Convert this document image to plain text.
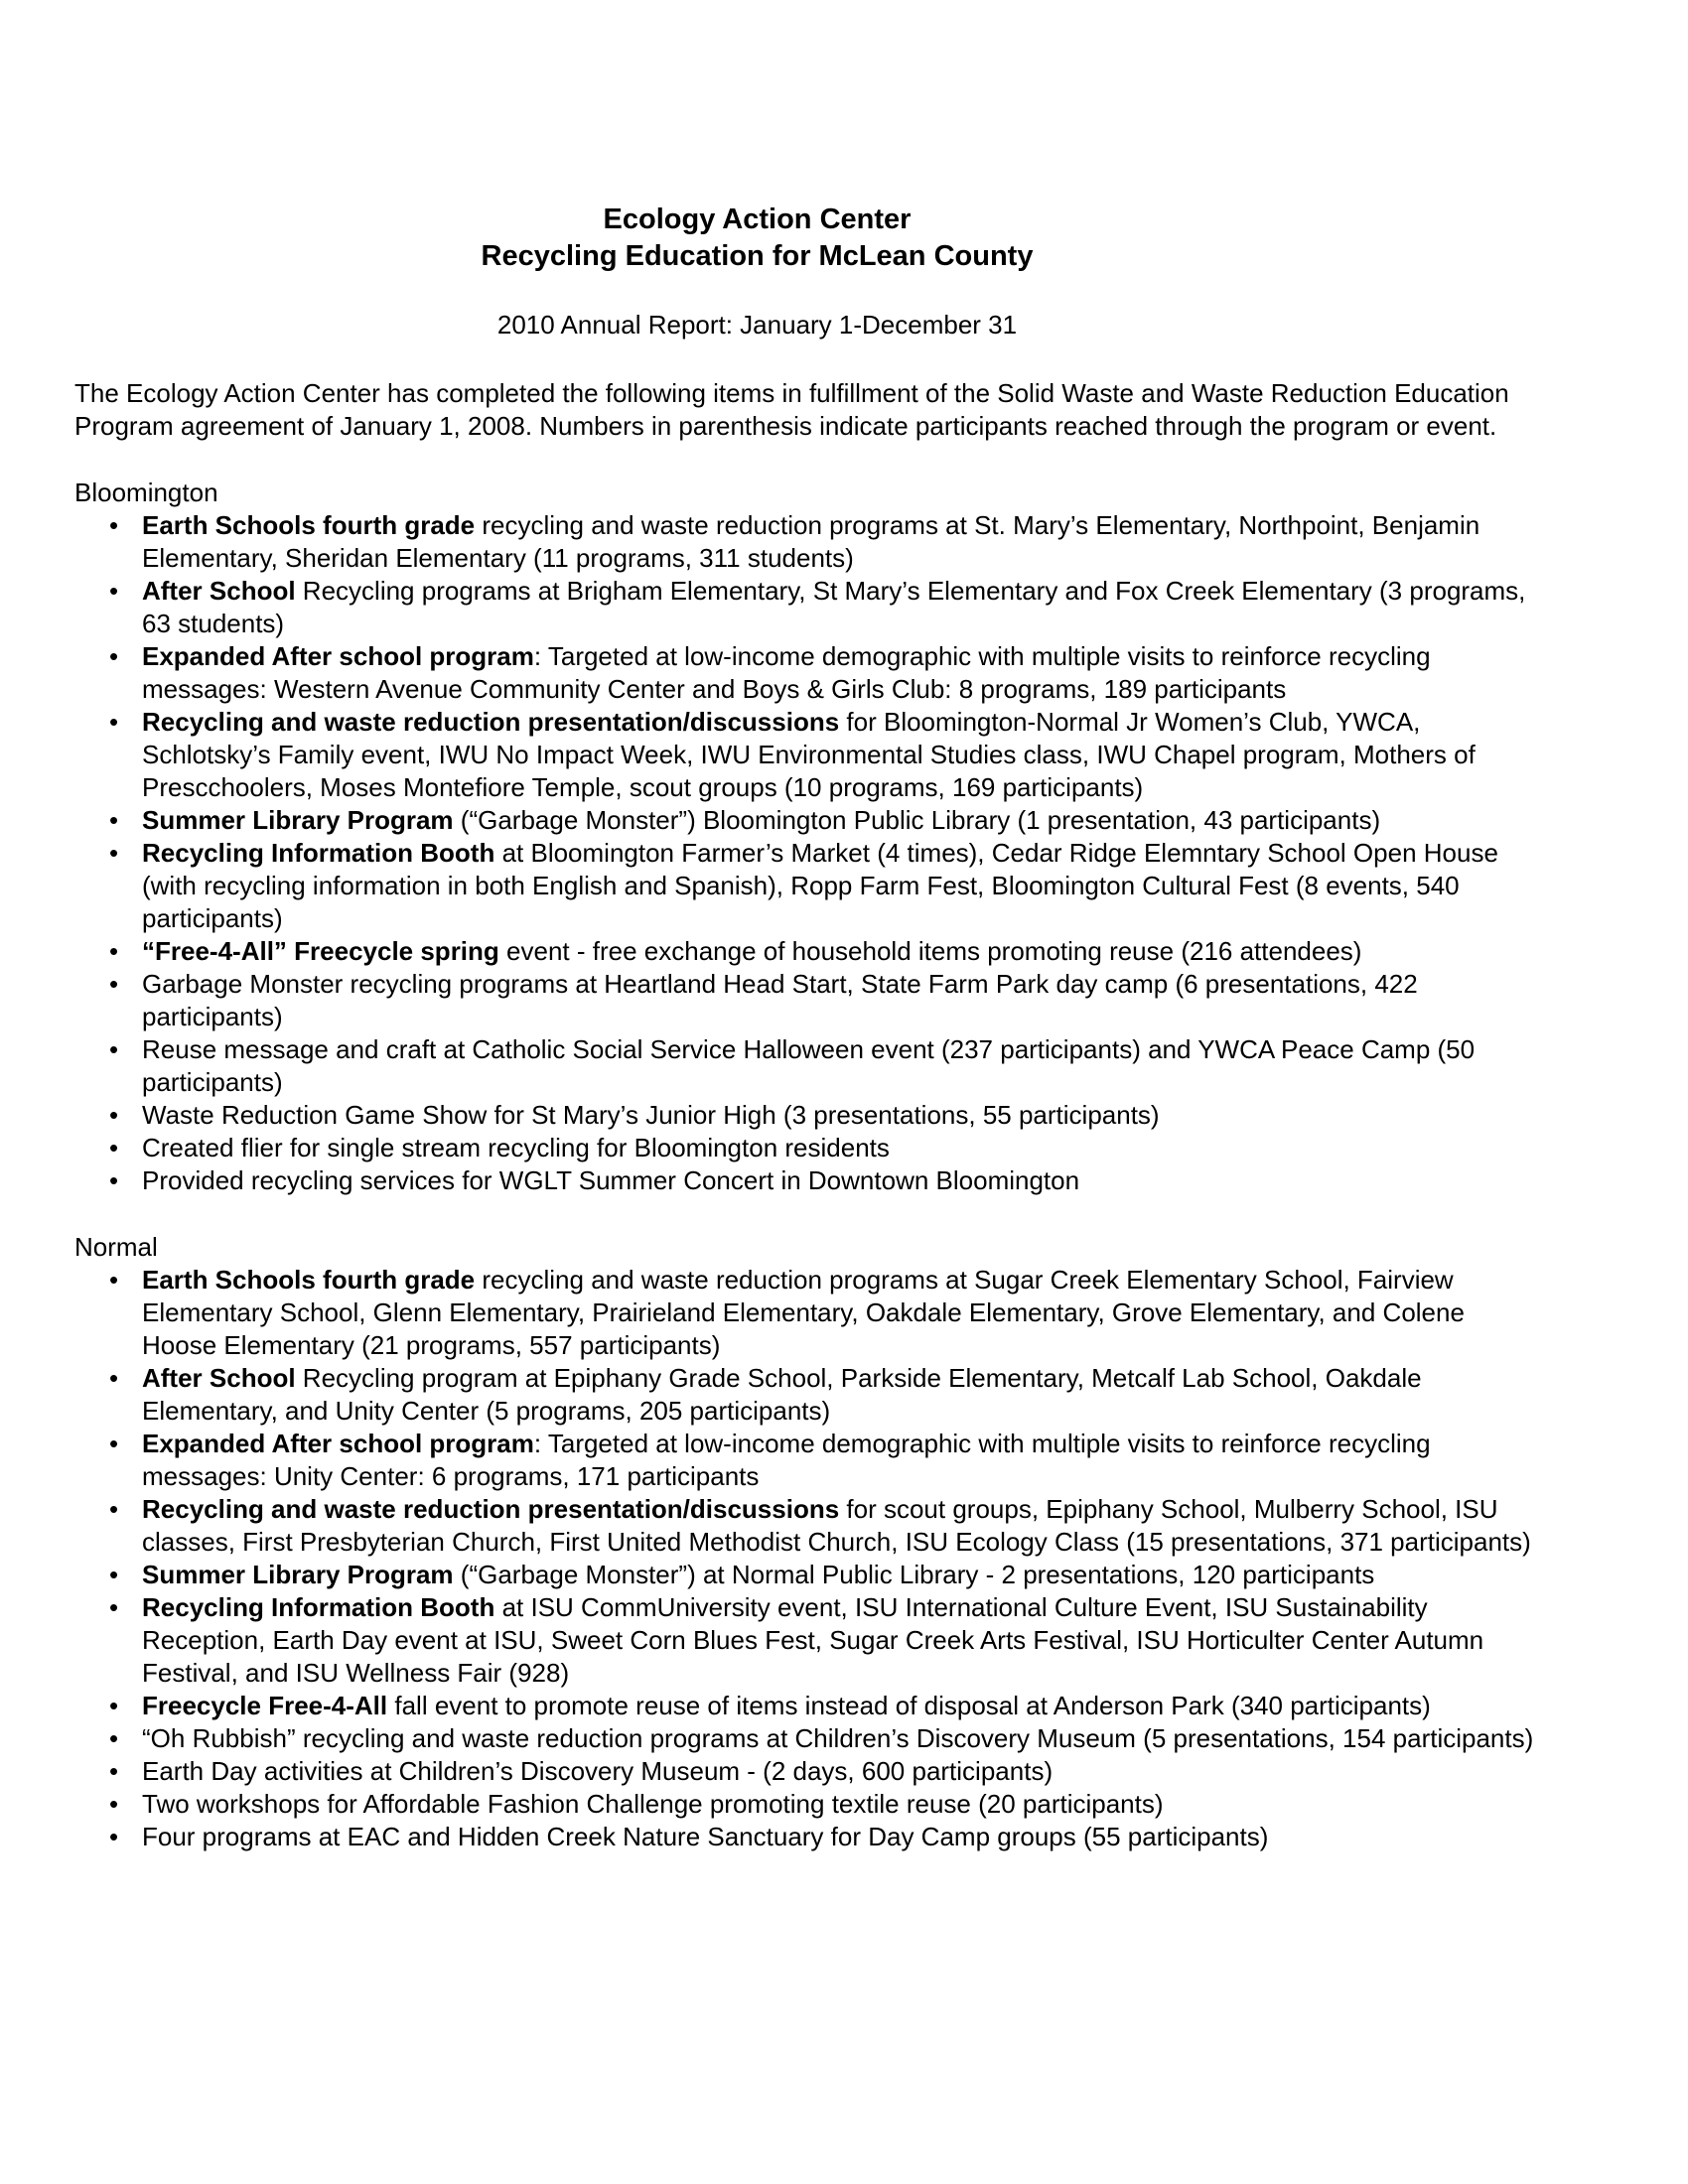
Ecology Action Center
Recycling Education for McLean County

2010 Annual Report: January 1-December 31

The Ecology Action Center has completed the following items in fulfillment of the Solid Waste and Waste Reduction Education Program agreement of January 1, 2008. Numbers in parenthesis indicate participants reached through the program or event.

Bloomington
• Earth Schools fourth grade recycling and waste reduction programs at St. Mary’s Elementary, Northpoint, Benjamin Elementary, Sheridan Elementary (11 programs, 311 students)
• After School Recycling programs at Brigham Elementary, St Mary’s Elementary and Fox Creek Elementary (3 programs, 63 students)
• Expanded After school program: Targeted at low-income demographic with multiple visits to reinforce recycling messages: Western Avenue Community Center and Boys & Girls Club: 8 programs, 189 participants
• Recycling and waste reduction presentation/discussions for Bloomington-Normal Jr Women’s Club, YWCA, Schlotsky’s Family event, IWU No Impact Week, IWU Environmental Studies class, IWU Chapel program, Mothers of Prescchoolers, Moses Montefiore Temple, scout groups (10 programs, 169 participants)
• Summer Library Program (“Garbage Monster”) Bloomington Public Library (1 presentation, 43 participants)
• Recycling Information Booth at Bloomington Farmer’s Market (4 times), Cedar Ridge Elemntary School Open House (with recycling information in both English and Spanish), Ropp Farm Fest, Bloomington Cultural Fest (8 events, 540 participants)
• “Free-4-All” Freecycle spring event - free exchange of household items promoting reuse (216 attendees)
• Garbage Monster recycling programs at Heartland Head Start, State Farm Park day camp (6 presentations, 422 participants)
• Reuse message and craft at Catholic Social Service Halloween event (237 participants) and YWCA Peace Camp (50 participants)
• Waste Reduction Game Show for St Mary’s Junior High (3 presentations, 55 participants)
• Created flier for single stream recycling for Bloomington residents
• Provided recycling services for WGLT Summer Concert in Downtown Bloomington
Normal
• Earth Schools fourth grade recycling and waste reduction programs at Sugar Creek Elementary School, Fairview Elementary School, Glenn Elementary, Prairieland Elementary, Oakdale Elementary, Grove Elementary, and Colene Hoose Elementary (21 programs, 557 participants)
• After School Recycling program at Epiphany Grade School, Parkside Elementary, Metcalf Lab School, Oakdale Elementary, and Unity Center (5 programs, 205 participants)
• Expanded After school program: Targeted at low-income demographic with multiple visits to reinforce recycling messages: Unity Center: 6 programs, 171 participants
• Recycling and waste reduction presentation/discussions for scout groups, Epiphany School, Mulberry School, ISU classes, First Presbyterian Church, First United Methodist Church, ISU Ecology Class (15 presentations, 371 participants)
• Summer Library Program (“Garbage Monster”) at Normal Public Library - 2 presentations, 120 participants
• Recycling Information Booth at ISU CommUniversity event, ISU International Culture Event, ISU Sustainability Reception, Earth Day event at ISU, Sweet Corn Blues Fest, Sugar Creek Arts Festival, ISU Horticulter Center Autumn Festival, and ISU Wellness Fair (928)
• Freecycle Free-4-All fall event to promote reuse of items instead of disposal at Anderson Park (340 participants)
• “Oh Rubbish” recycling and waste reduction programs at Children’s Discovery Museum (5 presentations, 154 participants)
• Earth Day activities at Children’s Discovery Museum - (2 days, 600 participants)
• Two workshops for Affordable Fashion Challenge promoting textile reuse (20 participants)
• Four programs at EAC and Hidden Creek Nature Sanctuary for Day Camp groups (55 participants)
